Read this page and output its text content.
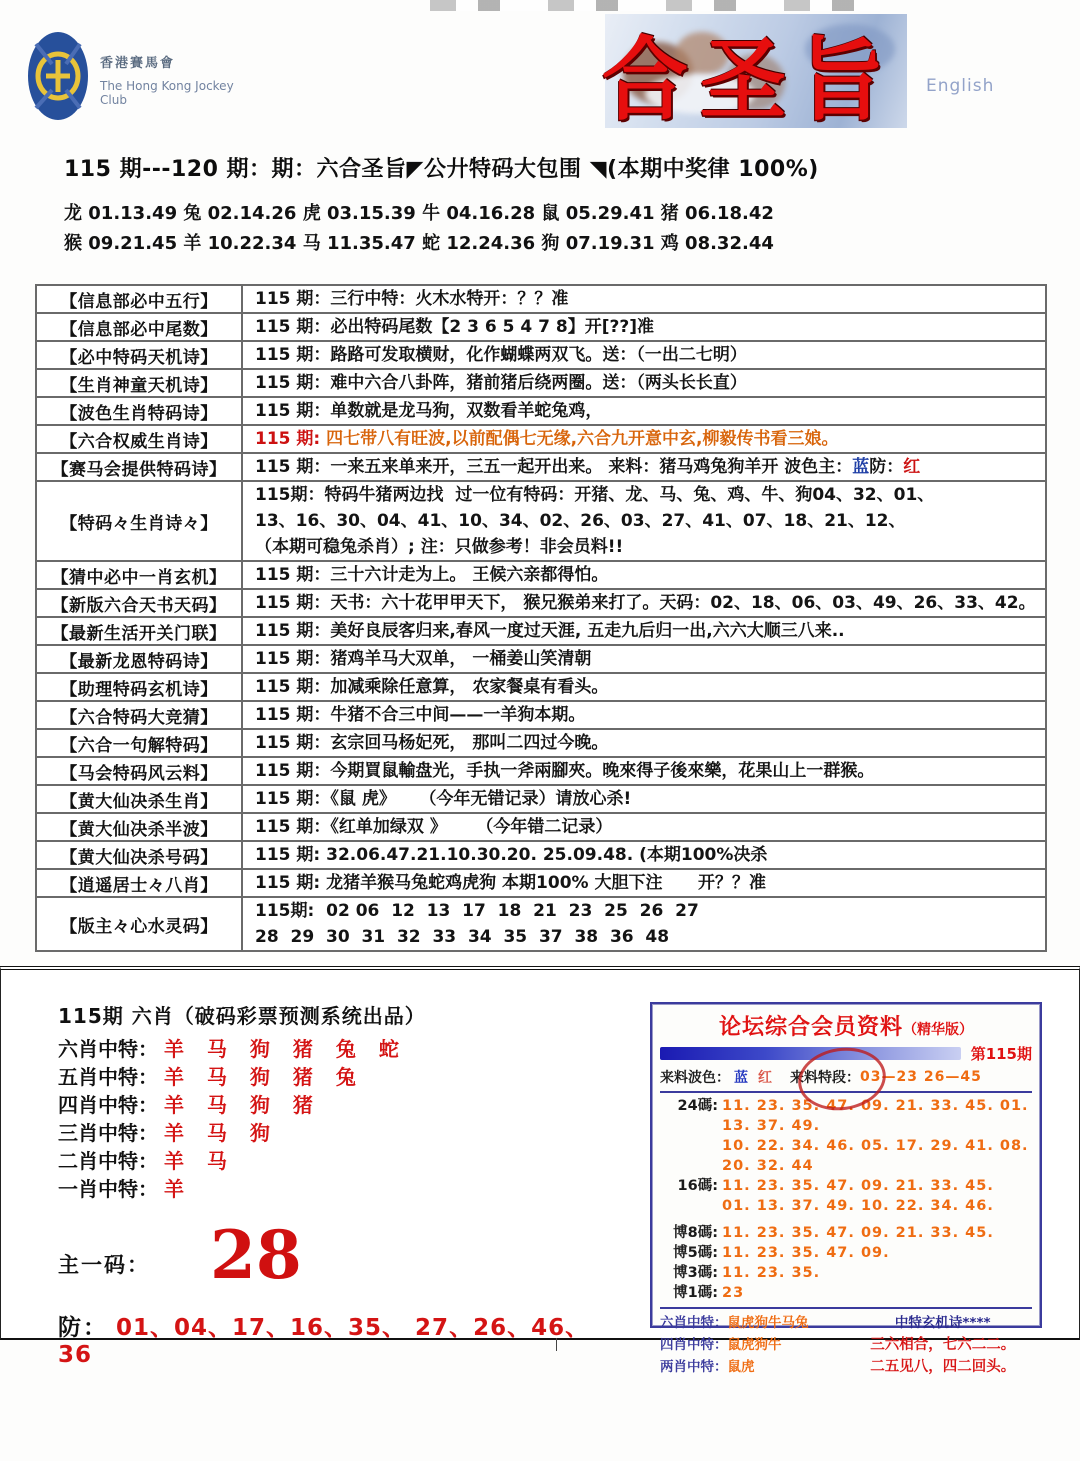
香港賽馬會
The Hong Kong Jockey Club	合圣旨	English
115 期---120 期：期：六合圣旨◤公廾特码大包围 ◥(本期中奖律 100%)
龙 01.13.49 兔 02.14.26 虎 03.15.39 牛 04.16.28 鼠 05.29.41 猪 06.18.42
猴 09.21.45 羊 10.22.34 马 11.35.47 蛇 12.24.36 狗 07.19.31 鸡 08.32.44
【信息部必中五行】	115 期：三行中特：火木水特开：？？准

【信息部必中尾数】	115 期：必出特码尾数【2 3 6 5 4 7 8】开[??]准

【必中特码天机诗】	115 期：路路可发取横财，化作蝴蝶两双飞。送：（一出二七明）

【生肖神童天机诗】	115 期：难中六合八卦阵，猪前猪后绕两圈。送：（两头长长直）

【波色生肖特码诗】	115 期：单数就是龙马狗，双数看羊蛇兔鸡，

【六合权威生肖诗】	115 期: 四七带八有旺波,以前配偶七无缘,六合九开意中玄,柳毅传书看三娘。

【赛马会提供特码诗】	115 期：一来五来单来开，三五一起开出来。 来料：猪马鸡兔狗羊开 波色主：蓝防：红

【特码々生肖诗々】	115期：特码牛猪两边找  过一位有特码：开猪、龙、马、兔、鸡、牛、狗04、32、01、
13、16、30、04、41、10、34、02、26、03、27、41、07、18、21、12、
（本期可稳兔杀肖）; 注：只做参考！非会员料!!

【猜中必中一肖玄机】	115 期：三十六计走为上。 王候六亲都得怕。

【新版六合天书天码】	115 期：天书：六十花甲甲天下， 猴兄猴弟来打了。天码：02、18、06、03、49、26、33、42。

【最新生活开关门联】	115 期：美好良辰客归来,春风一度过天涯, 五走九后归一出,六六大顺三八来..

【最新龙恩特码诗】	115 期：猪鸡羊马大双单， 一桶姜山笑清朝

【助理特码玄机诗】	115 期：加减乘除任意算， 农家餐桌有看头。

【六合特码大竞猜】	115 期：牛猪不合三中间——一羊狗本期。

【六合一句解特码】	115 期：玄宗回马杨妃死， 那叫二四过今晚。

【马会特码风云料】	115 期：今期買鼠輸盘光，手执一斧兩腳夾。晚來得子後來樂，花果山上一群猴。

【黄大仙决杀生肖】	115 期：《鼠 虎》    （今年无错记录）请放心杀!

【黄大仙决杀半波】	115 期：《红单加绿双 》     （今年错二记录）

【黄大仙决杀号码】	115 期: 32.06.47.21.10.30.20. 25.09.48. (本期100%决杀

【逍遥居士々八肖】	115 期: 龙猪羊猴马兔蛇鸡虎狗 本期100% 大胆下注      开？？准

【版主々心水灵码】	115期:  02 06  12  13  17  18  21  23  25  26  27
28  29  30  31  32  33  34  35  37  38  36  48
115期 六肖（破码彩票预测系统出品）
六肖中特： 羊 马 狗 猪 兔 蛇
五肖中特： 羊 马 狗 猪 兔
四肖中特： 羊 马 狗 猪
三肖中特： 羊 马 狗
二肖中特： 羊 马
一肖中特： 羊
主一码： 28
防： 01、04、17、16、35、 27、26、46、36
论坛综合会员资料（精华版）
第115期
来料波色： 蓝 红 来料特段： 03—23 26—45
24碼: 11. 23. 35. 47. 09. 21. 33. 45. 01. 13. 37. 49.
10. 22. 34. 46. 05. 17. 29. 41. 08. 20. 32. 44
16碼: 11. 23. 35. 47. 09. 21. 33. 45.
01. 13. 37. 49. 10. 22. 34. 46.
博8碼: 11. 23. 35. 47. 09. 21. 33. 45.
博5碼: 11. 23. 35. 47. 09.
博3碼: 11. 23. 35.
博1碼: 23
六肖中特：鼠虎狗牛马兔
四肖中特：鼠虎狗牛
两肖中特：鼠虎
中特玄机诗****
三六相合，七六二二。
二五见八，四二回头。
